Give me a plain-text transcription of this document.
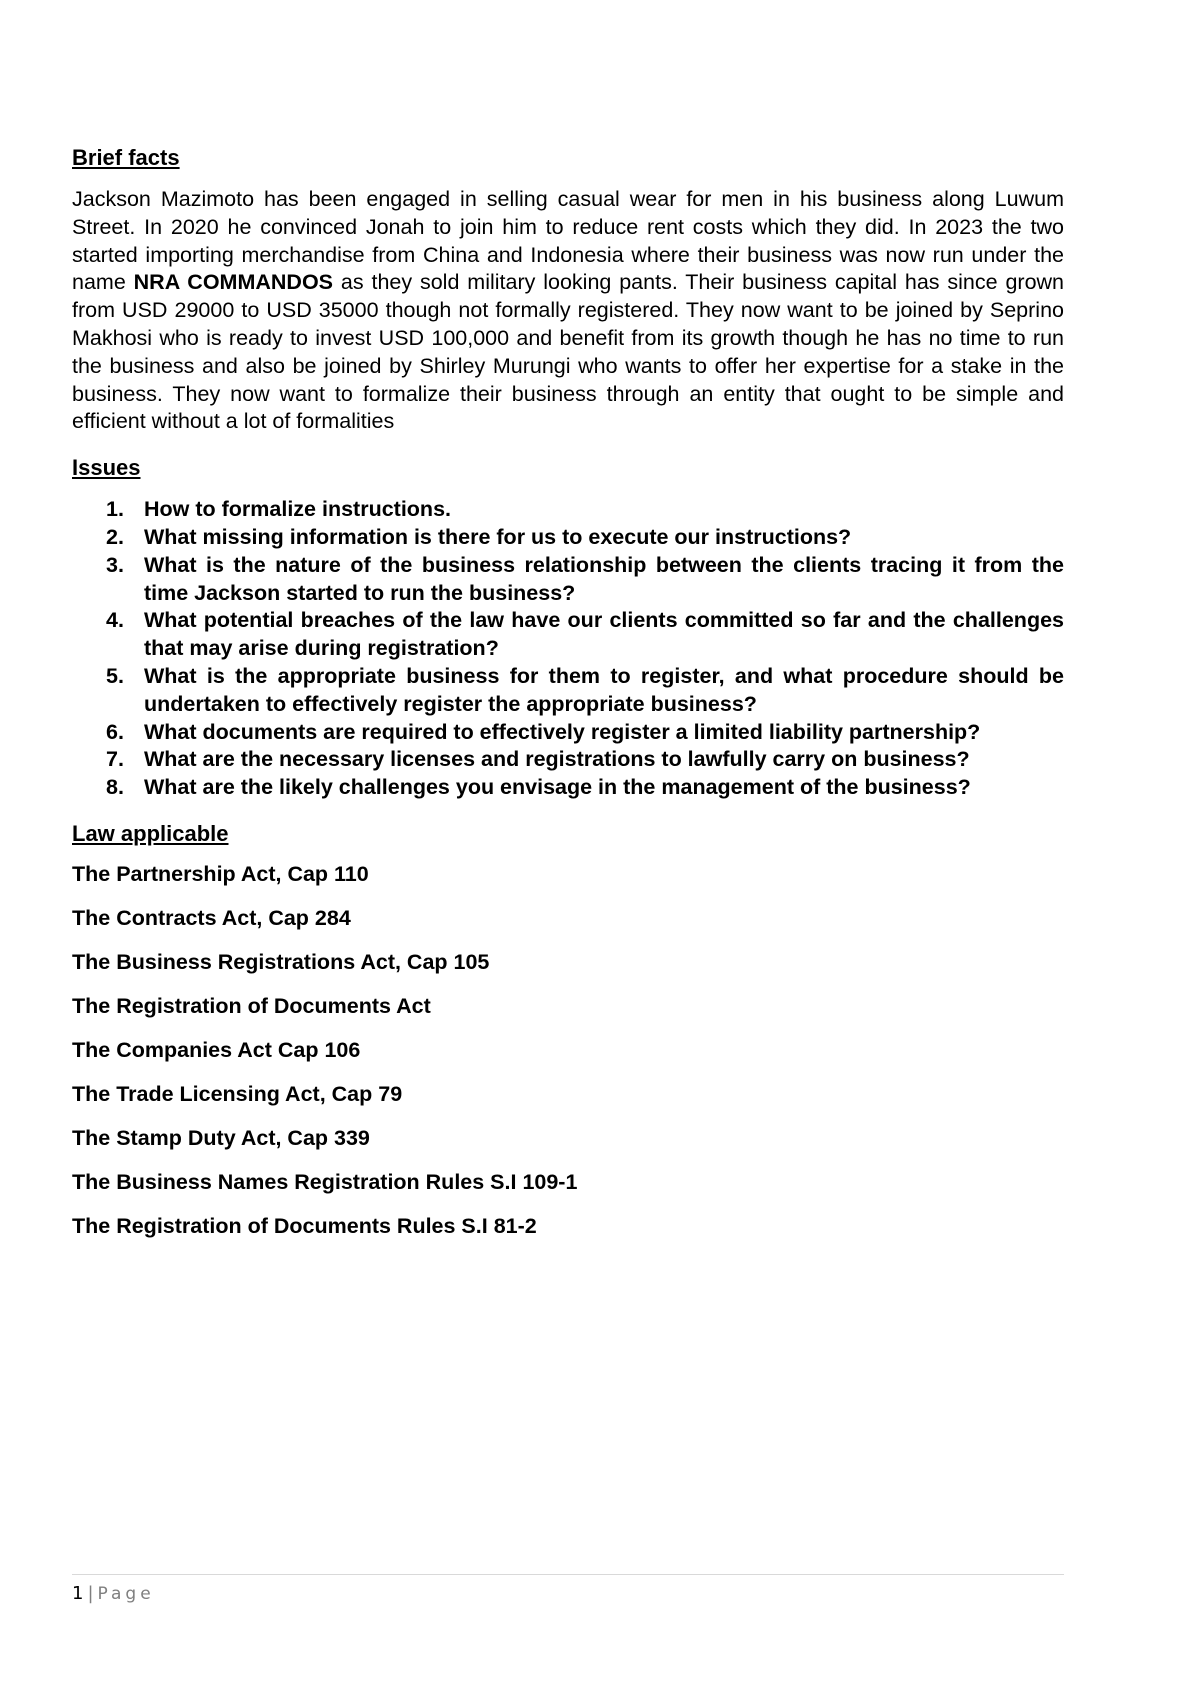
Brief facts

Jackson Mazimoto has been engaged in selling casual wear for men in his business along Luwum Street. In 2020 he convinced Jonah to join him to reduce rent costs which they did. In 2023 the two started importing merchandise from China and Indonesia where their business was now run under the name NRA COMMANDOS as they sold military looking pants. Their business capital has since grown from USD 29000 to USD 35000 though not formally registered. They now want to be joined by Seprino Makhosi who is ready to invest USD 100,000 and benefit from its growth though he has no time to run the business and also be joined by Shirley Murungi who wants to offer her expertise for a stake in the business. They now want to formalize their business through an entity that ought to be simple and efficient without a lot of formalities

Issues

1. How to formalize instructions.
2. What missing information is there for us to execute our instructions?
3. What is the nature of the business relationship between the clients tracing it from the time Jackson started to run the business?
4. What potential breaches of the law have our clients committed so far and the challenges that may arise during registration?
5. What is the appropriate business for them to register, and what procedure should be undertaken to effectively register the appropriate business?
6. What documents are required to effectively register a limited liability partnership?
7. What are the necessary licenses and registrations to lawfully carry on business?
8. What are the likely challenges you envisage in the management of the business?

Law applicable

The Partnership Act, Cap 110

The Contracts Act, Cap 284

The Business Registrations Act, Cap 105

The Registration of Documents Act

The Companies Act Cap 106

The Trade Licensing Act, Cap 79

The Stamp Duty Act, Cap 339

The Business Names Registration Rules S.I 109-1

The Registration of Documents Rules S.I 81-2

1 | Page
